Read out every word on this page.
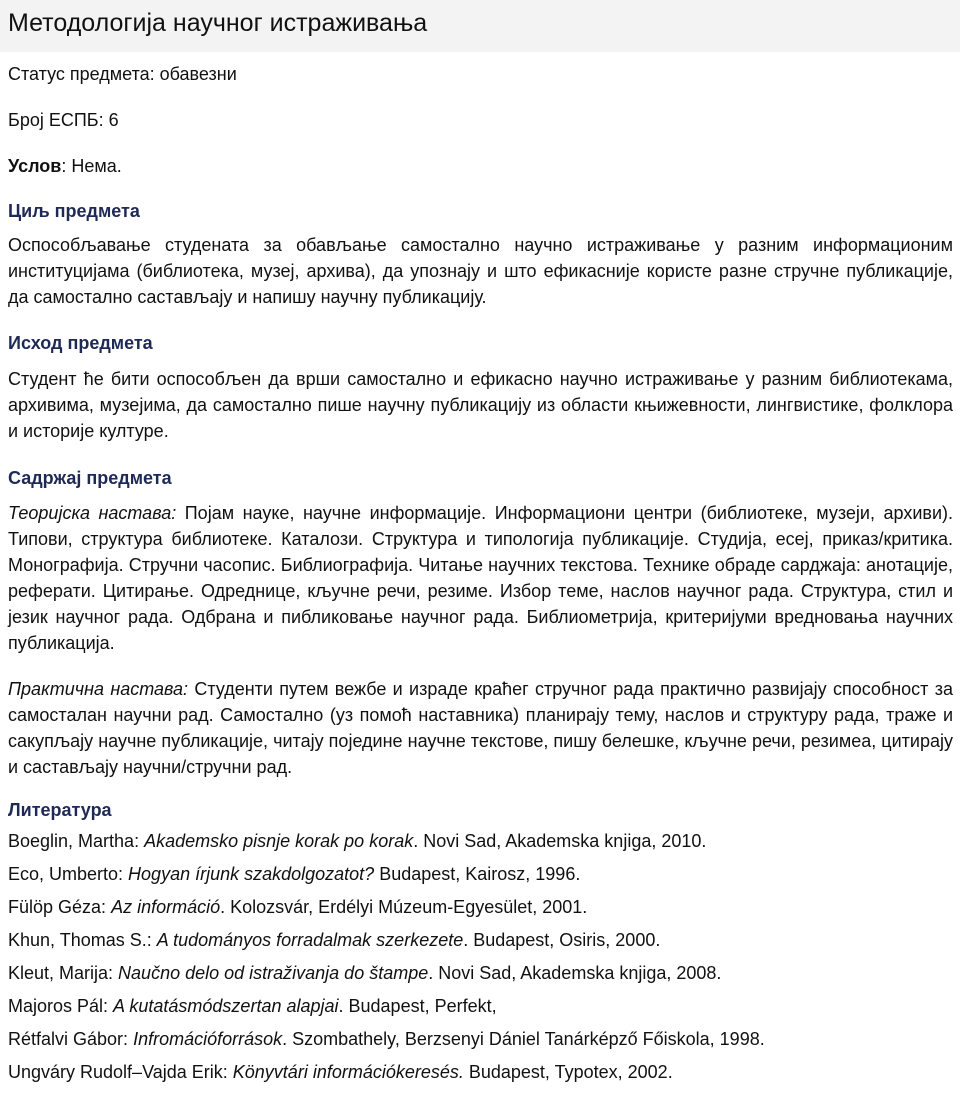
Методологија научног истраживања
Статус предмета: обавезни
Број ЕСПБ: 6
Услов: Нема.
Циљ предмета

Оспособљавање студената за обављање самостално научно истраживање у разним информационим институцијама (библиотека, музеј, архива), да упознају и што ефикасније користе разне стручне публикације, да самостално састављају и напишу научну публикацију.

Исход предмета

Студент ће бити оспособљен да врши самостално и ефикасно научно истраживање у разним библиотекама, архивима, музејима, да самостално пише научну публикацију из области књижевности, лингвистике, фолклора и историје културе.

Садржај предмета

Теоријска настава: Појам науке, научне информације. Информациони центри (библиотеке, музеји, архиви). Типови, структура библиотеке. Каталози. Структура и типологија публикације. Студија, есеј, приказ/критика. Монографија. Стручни часопис. Библиографија. Читање научних текстова. Технике обраде сарджаја: анотације, реферати. Цитирање. Одреднице, кључне речи, резиме. Избор теме, наслов научног рада. Структура, стил и језик научног рада. Одбрана и пибликовање научног рада. Библиометрија, критеријуми вредновања научних публикација.

Практична настава: Студенти путем вежбе и израде краћег стручног рада практично развијају способност за самосталан научни рад. Самостално (уз помоћ наставника) планирају тему, наслов и структуру рада, траже и сакупљају научне публикације, читају поједине научне текстове, пишу белешке, кључне речи, резимеа, цитирају и састављају научни/стручни рад.

Литература
Boeglin, Martha: Akademsko pisnje korak po korak. Novi Sad, Akademska knjiga, 2010.
Eco, Umberto: Hogyan írjunk szakdolgozatot? Budapest, Kairosz, 1996.
Fülöp Géza: Az információ. Kolozsvár, Erdélyi Múzeum-Egyesület, 2001.
Khun, Thomas S.: A tudományos forradalmak szerkezete. Budapest, Osiris, 2000.
Kleut, Marija: Naučno delo od istraživanja do štampe. Novi Sad, Akademska knjiga, 2008.
Majoros Pál: A kutatásmódszertan alapjai. Budapest, Perfekt,
Rétfalvi Gábor: Infromációforrások. Szombathely, Berzsenyi Dániel Tanárképző Főiskola, 1998.
Ungváry Rudolf–Vajda Erik: Könyvtári információkeresés. Budapest, Typotex, 2002.
